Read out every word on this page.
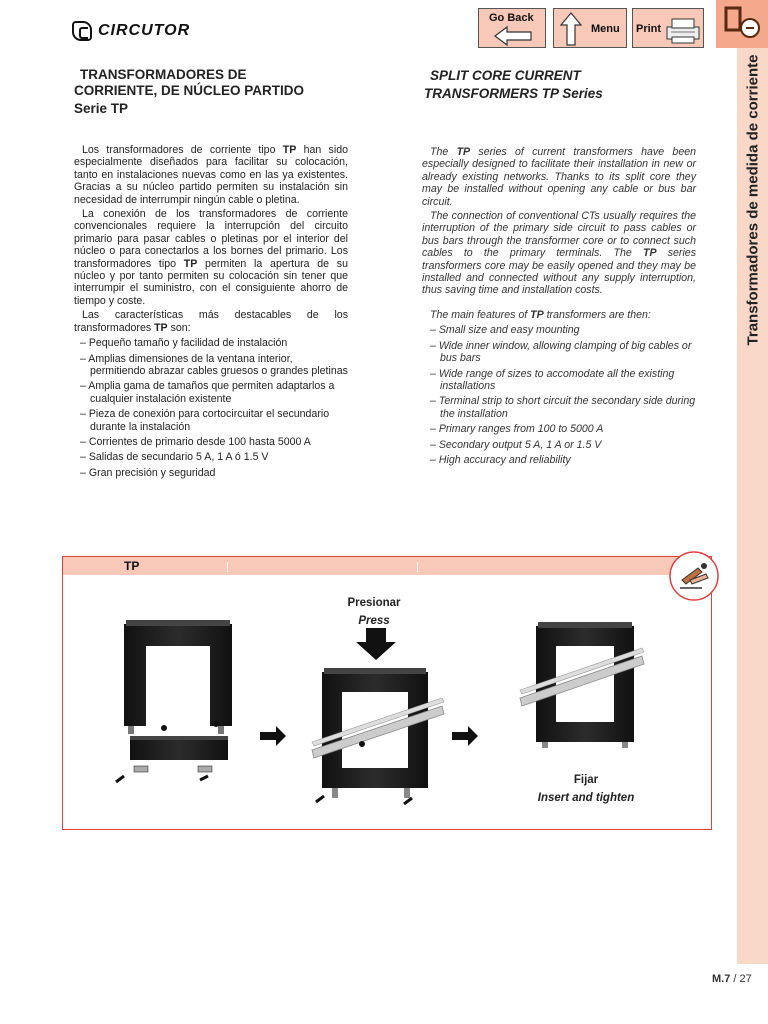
CIRCUTOR
Go Back
Menu Print
Transformadores de medida de corriente
TRANSFORMADORES DE
CORRIENTE, DE NÚCLEO PARTIDO
Serie TP
SPLIT CORE CURRENT
TRANSFORMERS TP Series

Los transformadores de corriente tipo TP han sido especialmente diseñados para facilitar su colocación, tanto en instalaciones nuevas como en las ya existentes. Gracias a su núcleo partido permiten su instalación sin necesidad de interrumpir ningún cable o pletina.

La conexión de los transformadores de corriente convencionales requiere la interrupción del circuito primario para pasar cables o pletinas por el interior del núcleo o para conectarlos a los bornes del primario. Los transformadores tipo TP permiten la apertura de su núcleo y por tanto permiten su colocación sin tener que interrumpir el suministro, con el consiguiente ahorro de tiempo y coste.

Las características más destacables de los transformadores TP son:

– Pequeño tamaño y facilidad de instalación
– Amplias dimensiones de la ventana interior, permitiendo abrazar cables gruesos o grandes pletinas
– Amplia gama de tamaños que permiten adaptarlos a cualquier instalación existente
– Pieza de conexión para cortocircuitar el secundario durante la instalación
– Corrientes de primario desde 100 hasta 5000 A
– Salidas de secundario 5 A, 1 A ó 1.5 V
– Gran precisión y seguridad

The TP series of current transformers have been especially designed to facilitate their installation in new or already existing networks. Thanks to its split core they may be installed without opening any cable or bus bar circuit.

The connection of conventional CTs usually requires the interruption of the primary side circuit to pass cables or bus bars through the transformer core or to connect such cables to the primary terminals. The TP series transformers core may be easily opened and they may be installed and connected without any supply interruption, thus saving time and installation costs.

The main features of TP transformers are then:

– Small size and easy mounting
– Wide inner window, allowing clamping of big cables or bus bars
– Wide range of sizes to accomodate all the existing installations
– Terminal strip to short circuit the secondary side during the installation
– Primary ranges from 100 to 5000 A
– Secondary output 5 A, 1 A or 1.5 V
– High accuracy and reliability
TP
Presionar
Press
Fijar
Insert and tighten
M.7 / 27
